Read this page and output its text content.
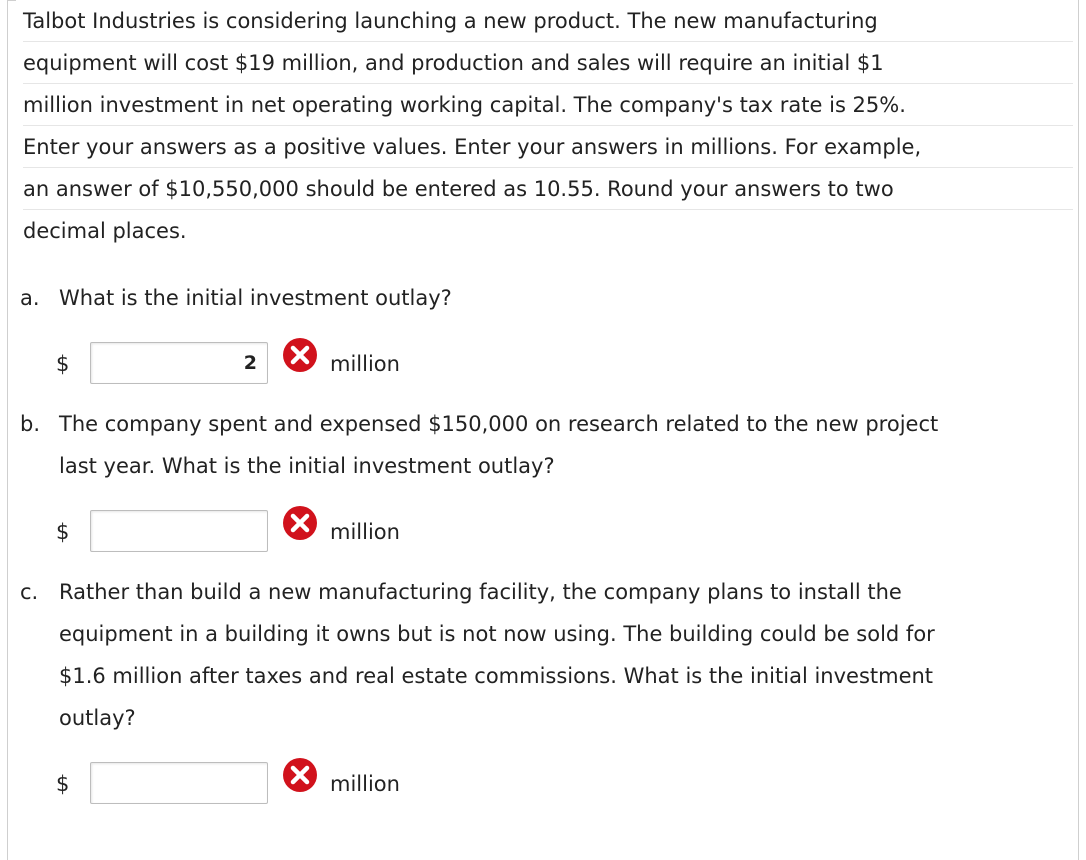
Talbot Industries is considering launching a new product. The new manufacturing
equipment will cost $19 million, and production and sales will require an initial $1
million investment in net operating working capital. The company's tax rate is 25%.
Enter your answers as a positive values. Enter your answers in millions. For example,
an answer of $10,550,000 should be entered as 10.55. Round your answers to two
decimal places.
a. What is the initial investment outlay?
$
2	million
b. The company spent and expensed $150,000 on research related to the new project
last year. What is the initial investment outlay?
$	million
c. Rather than build a new manufacturing facility, the company plans to install the
equipment in a building it owns but is not now using. The building could be sold for
$1.6 million after taxes and real estate commissions. What is the initial investment
outlay?
$	million
